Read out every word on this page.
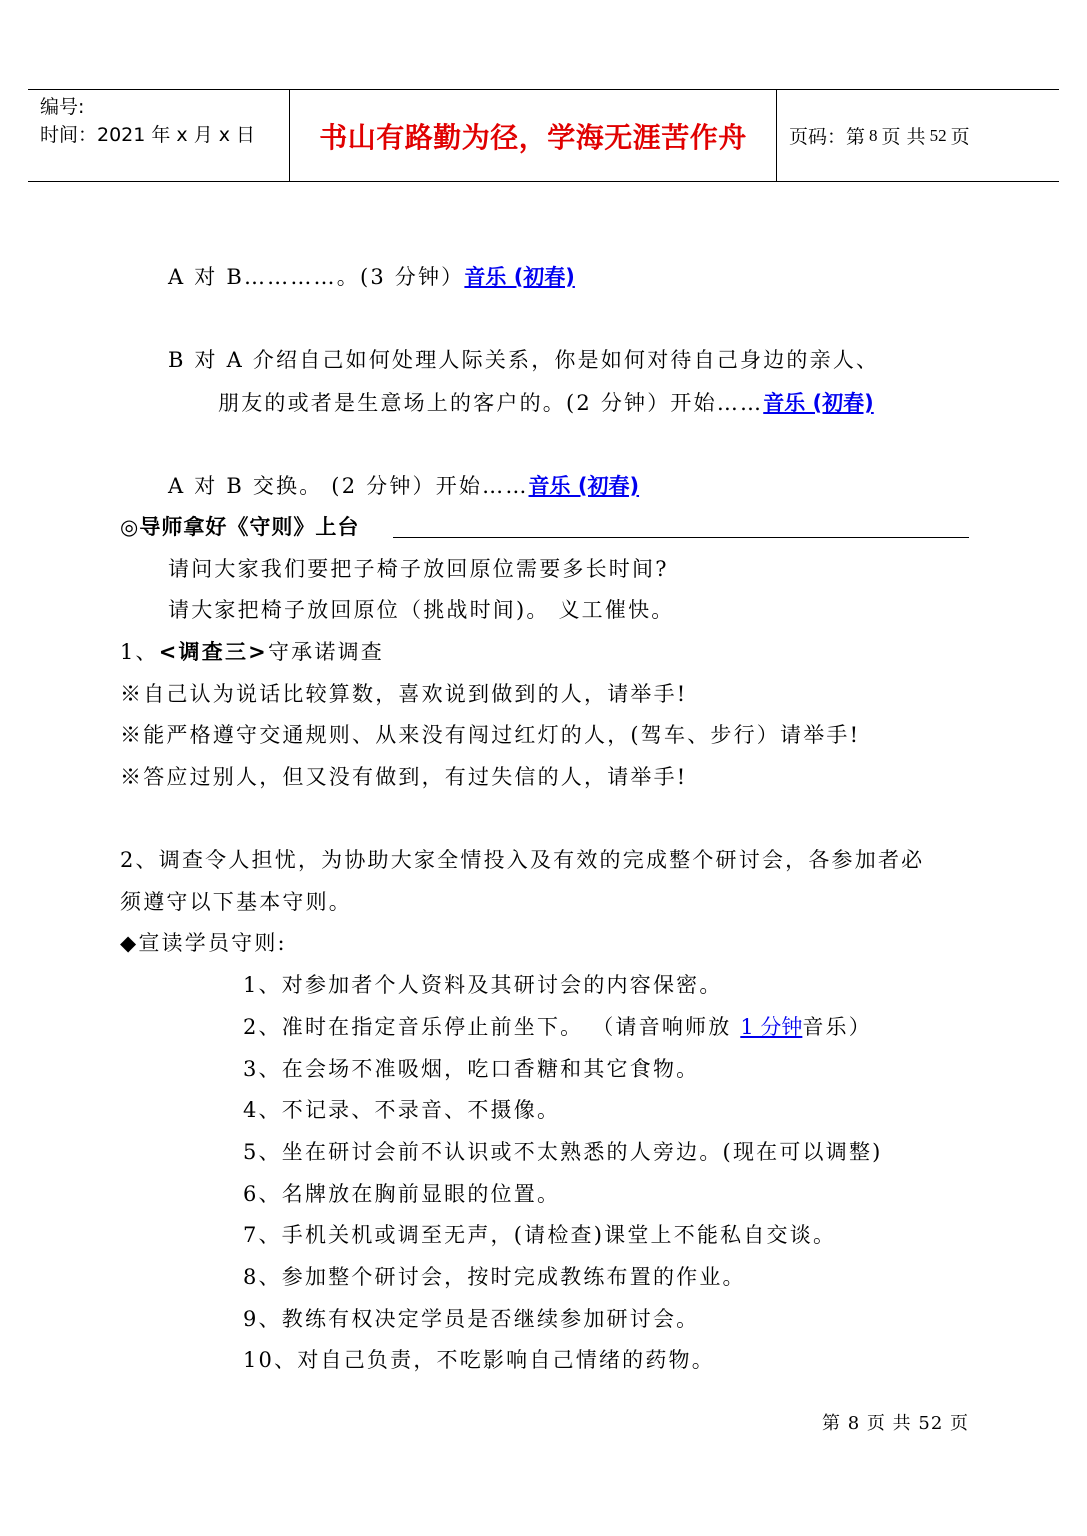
编号:
时间：2021 年 x 月 x 日	书山有路勤为径，学海无涯苦作舟	页码：第 8 页 共 52 页
A 对 B…………。(3 分钟）音乐 (初春)
B 对 A 介绍自己如何处理人际关系，你是如何对待自己身边的亲人、
朋友的或者是生意场上的客户的。(2 分钟）开始……音乐 (初春)
A 对 B 交换。 (2 分钟）开始……音乐 (初春)
◎导师拿好《守则》上台
请问大家我们要把子椅子放回原位需要多长时间?
请大家把椅子放回原位（挑战时间)。 义工催快。
1、<调查三>守承诺调查
※自己认为说话比较算数，喜欢说到做到的人，请举手!
※能严格遵守交通规则、从来没有闯过红灯的人，(驾车、步行）请举手!
※答应过别人，但又没有做到，有过失信的人，请举手!
2、调查令人担忧，为协助大家全情投入及有效的完成整个研讨会，各参加者必
须遵守以下基本守则。
◆宣读学员守则:
1、对参加者个人资料及其研讨会的内容保密。
2、准时在指定音乐停止前坐下。 （请音响师放 1 分钟音乐）
3、在会场不准吸烟，吃口香糖和其它食物。
4、不记录、不录音、不摄像。
5、坐在研讨会前不认识或不太熟悉的人旁边。(现在可以调整)
6、名牌放在胸前显眼的位置。
7、手机关机或调至无声，(请检查)课堂上不能私自交谈。
8、参加整个研讨会，按时完成教练布置的作业。
9、教练有权决定学员是否继续参加研讨会。
10、对自己负责，不吃影响自己情绪的药物。
第 8 页 共 52 页
